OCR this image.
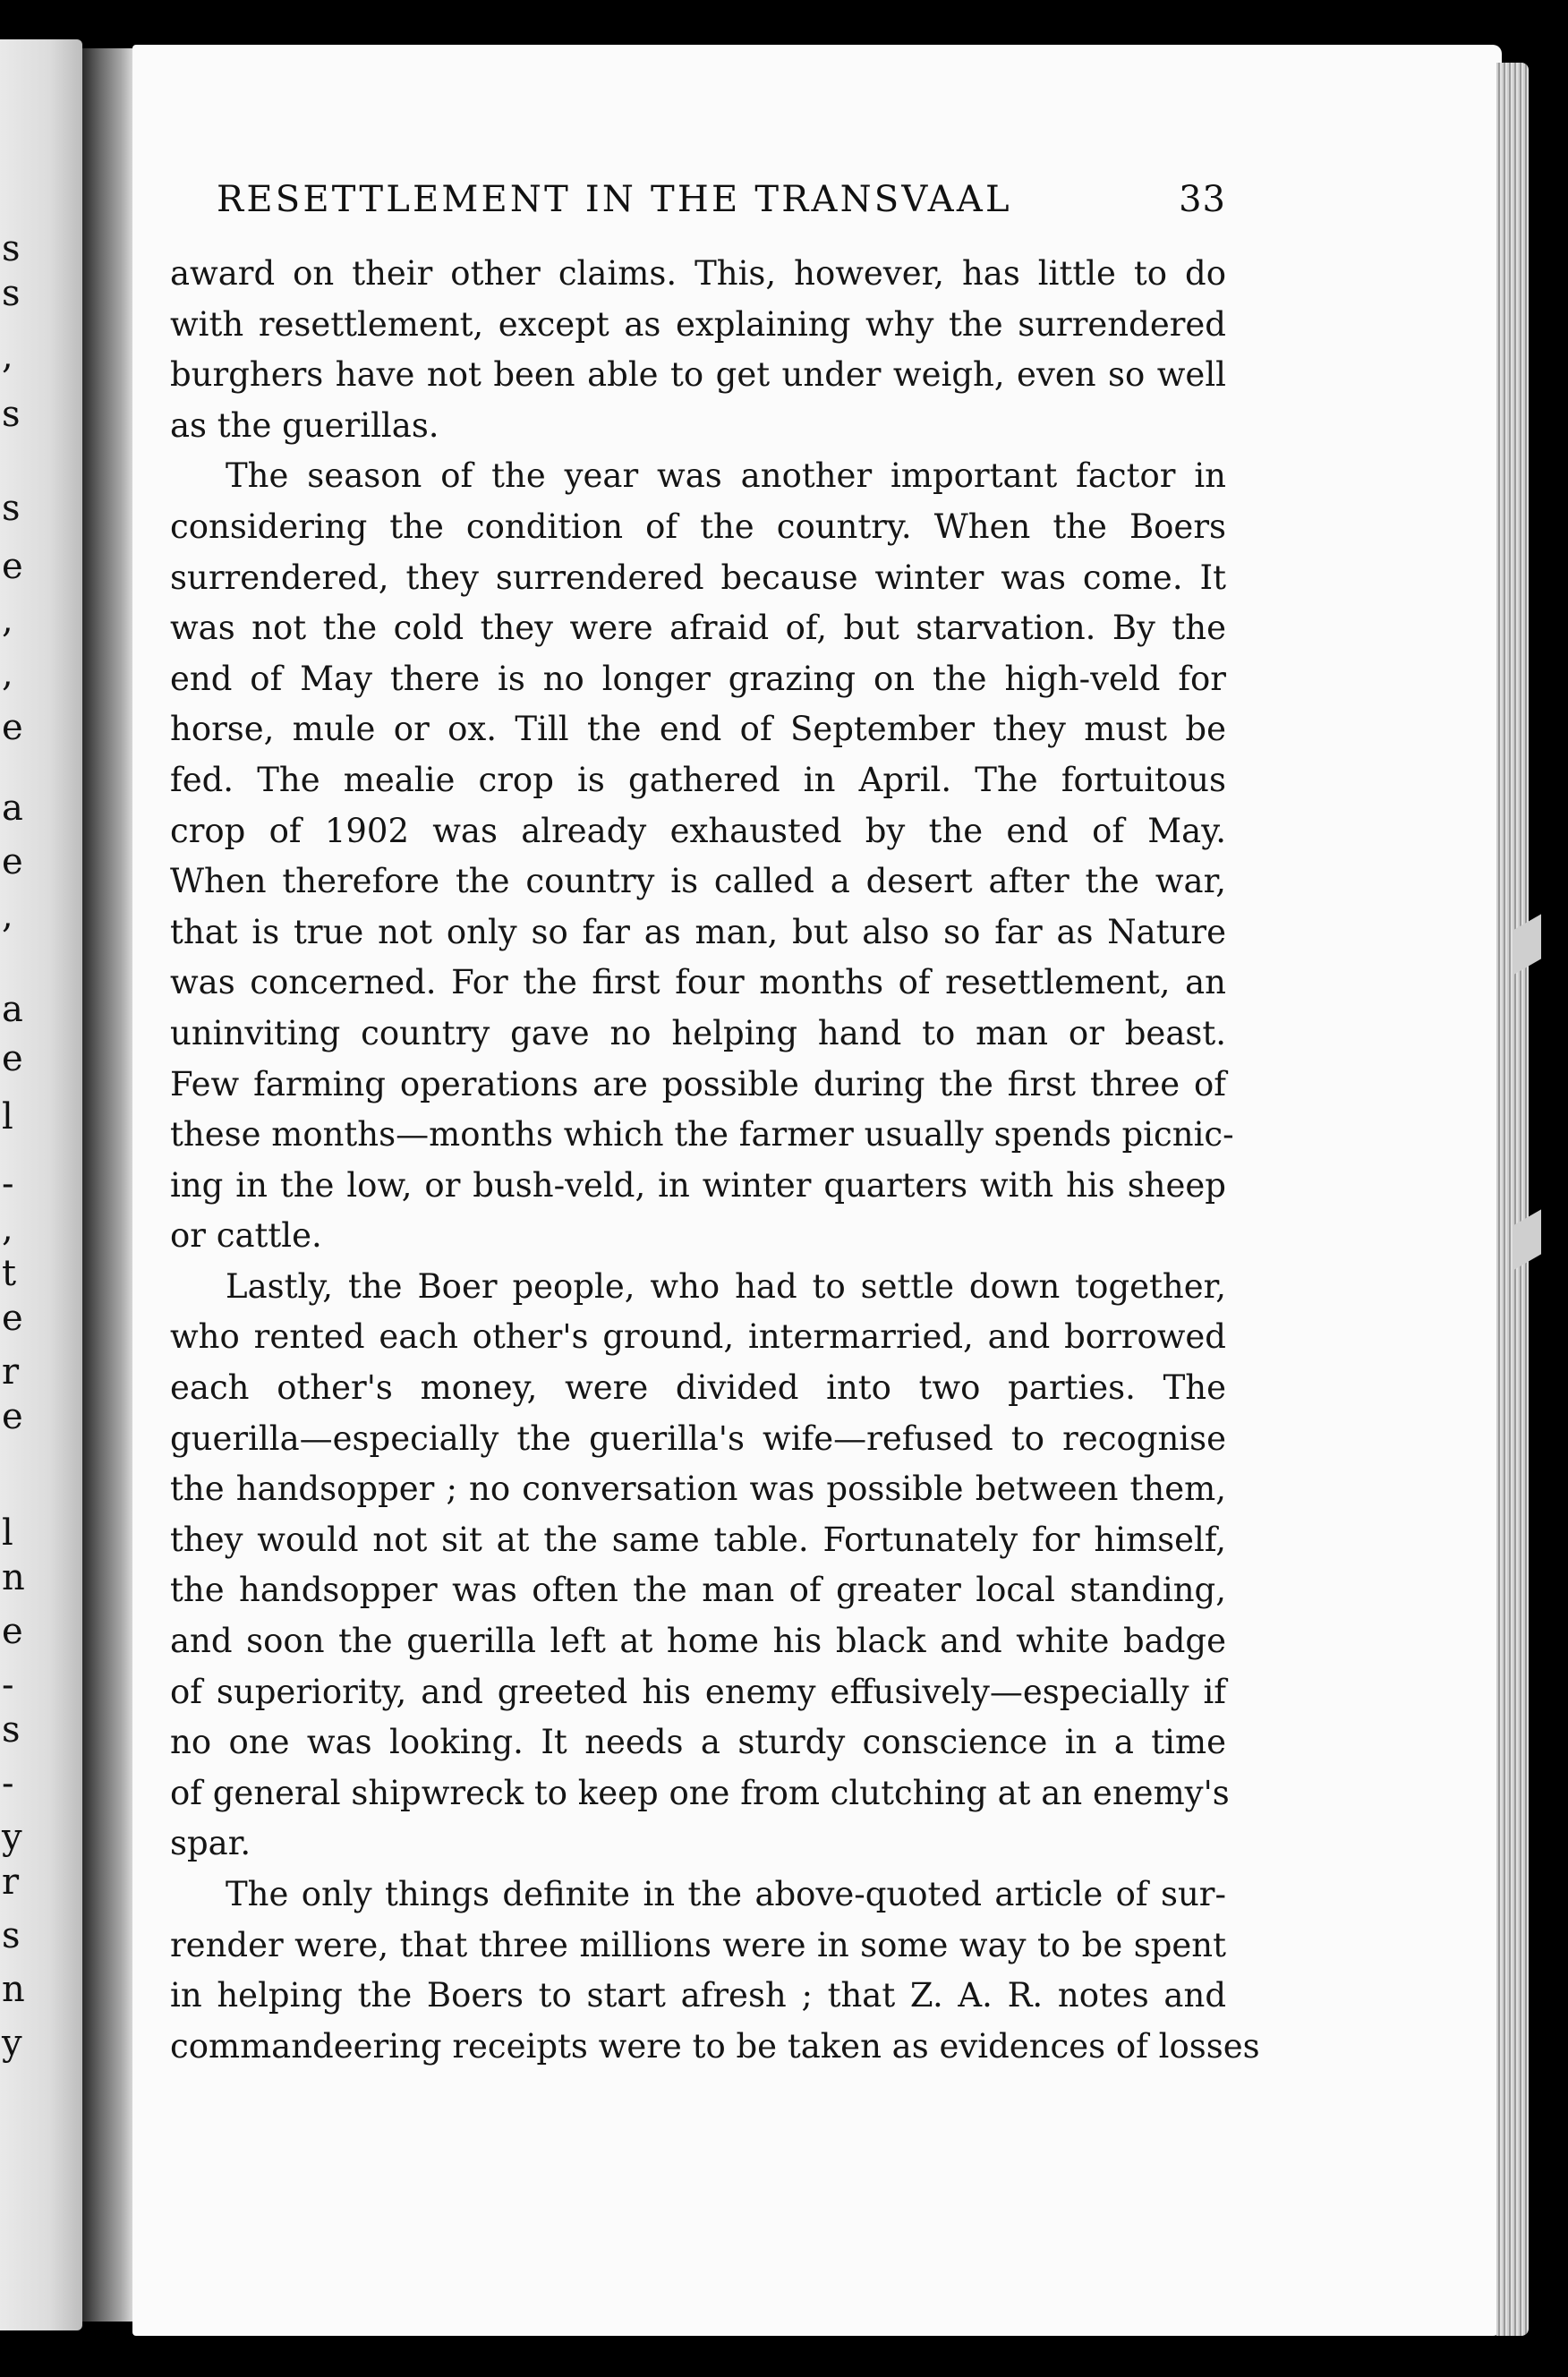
s
s
,
s
s
e
,
,
e
a
e
,
a
e
l
-
,
t
e
r
e
l
n
e
-
s
-
y
r
s
n
y
RESETTLEMENT IN THE TRANSVAAL	33
award on their other claims. This, however, has little to do
with resettlement, except as explaining why the surrendered
burghers have not been able to get under weigh, even so well
as the guerillas.
The season of the year was another important factor in
considering the condition of the country. When the Boers
surrendered, they surrendered because winter was come. It
was not the cold they were afraid of, but starvation. By the
end of May there is no longer grazing on the high-veld for
horse, mule or ox. Till the end of September they must be
fed. The mealie crop is gathered in April. The fortuitous
crop of 1902 was already exhausted by the end of May.
When therefore the country is called a desert after the war,
that is true not only so far as man, but also so far as Nature
was concerned. For the first four months of resettlement, an
uninviting country gave no helping hand to man or beast.
Few farming operations are possible during the first three of
these months—months which the farmer usually spends picnic-
ing in the low, or bush-veld, in winter quarters with his sheep
or cattle.
Lastly, the Boer people, who had to settle down together,
who rented each other's ground, intermarried, and borrowed
each other's money, were divided into two parties. The
guerilla—especially the guerilla's wife—refused to recognise
the handsopper ; no conversation was possible between them,
they would not sit at the same table. Fortunately for himself,
the handsopper was often the man of greater local standing,
and soon the guerilla left at home his black and white badge
of superiority, and greeted his enemy effusively—especially if
no one was looking. It needs a sturdy conscience in a time
of general shipwreck to keep one from clutching at an enemy's
spar.
The only things definite in the above-quoted article of sur-
render were, that three millions were in some way to be spent
in helping the Boers to start afresh ; that Z. A. R. notes and
commandeering receipts were to be taken as evidences of losses
